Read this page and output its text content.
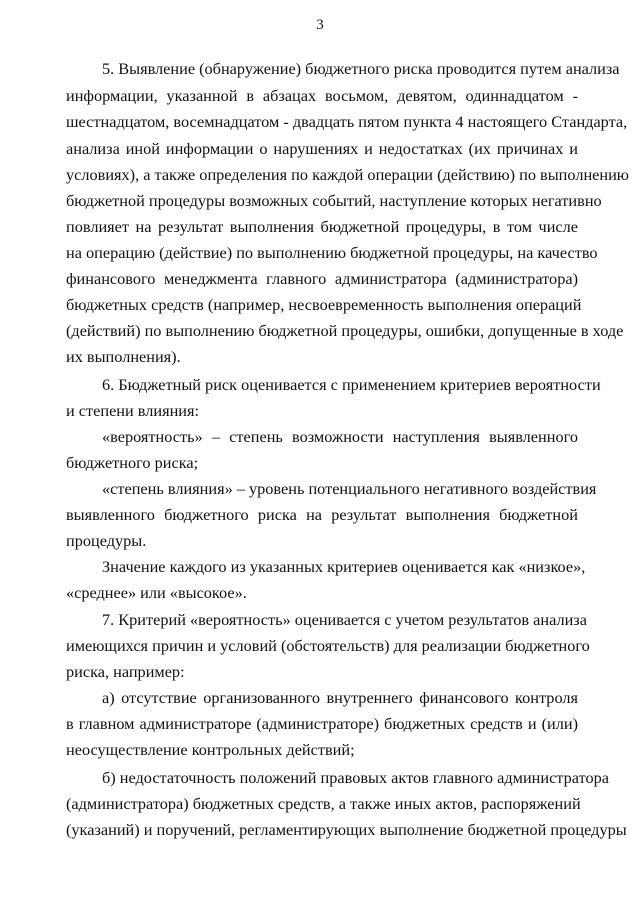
3
5. Выявление (обнаружение) бюджетного риска проводится путем анализа
информации, указанной в абзацах восьмом, девятом, одиннадцатом -
шестнадцатом, восемнадцатом - двадцать пятом пункта 4 настоящего Стандарта,
анализа иной информации о нарушениях и недостатках (их причинах и
условиях), а также определения по каждой операции (действию) по выполнению
бюджетной процедуры возможных событий, наступление которых негативно
повлияет на результат выполнения бюджетной процедуры, в том числе
на операцию (действие) по выполнению бюджетной процедуры, на качество
финансового менеджмента главного администратора (администратора)
бюджетных средств (например, несвоевременность выполнения операций
(действий) по выполнению бюджетной процедуры, ошибки, допущенные в ходе
их выполнения).
6. Бюджетный риск оценивается с применением критериев вероятности
и степени влияния:
«вероятность» – степень возможности наступления выявленного
бюджетного риска;
«степень влияния» – уровень потенциального негативного воздействия
выявленного бюджетного риска на результат выполнения бюджетной
процедуры.
Значение каждого из указанных критериев оценивается как «низкое»,
«среднее» или «высокое».
7. Критерий «вероятность» оценивается с учетом результатов анализа
имеющихся причин и условий (обстоятельств) для реализации бюджетного
риска, например:
а) отсутствие организованного внутреннего финансового контроля
в главном администраторе (администраторе) бюджетных средств и (или)
неосуществление контрольных действий;
б) недостаточность положений правовых актов главного администратора
(администратора) бюджетных средств, а также иных актов, распоряжений
(указаний) и поручений, регламентирующих выполнение бюджетной процедуры
